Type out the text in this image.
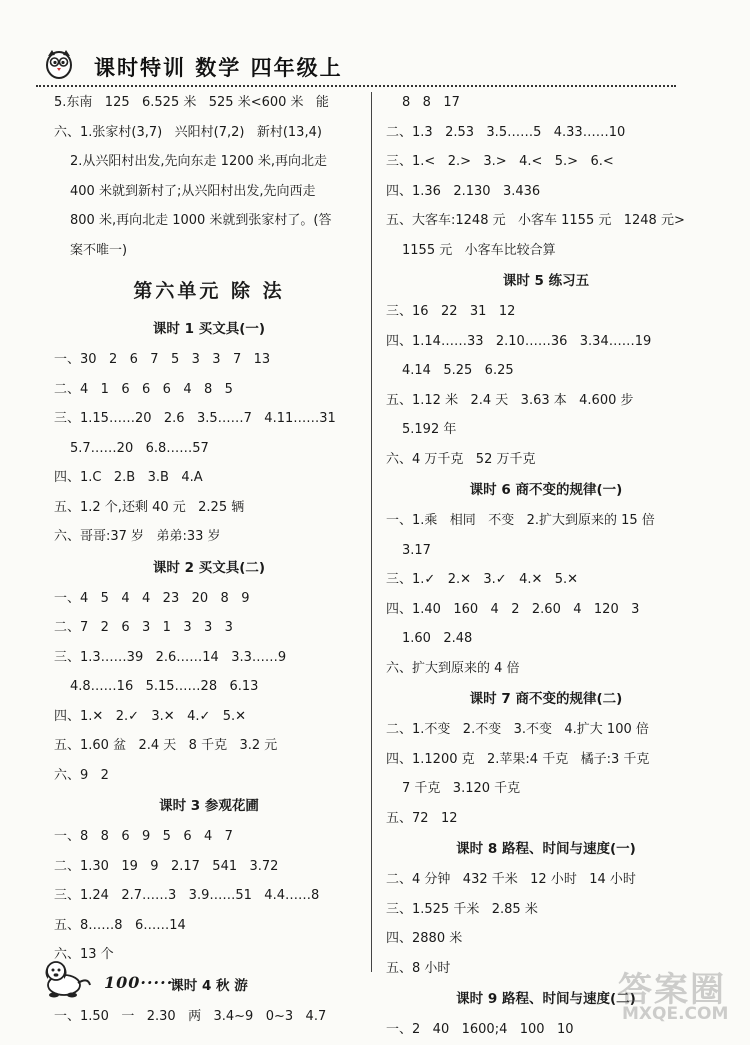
课时特训 数学 四年级上
5.东南   125   6.525 米   525 米<600 米   能
六、1.张家村(3,7)   兴阳村(7,2)   新村(13,4)
2.从兴阳村出发,先向东走 1200 米,再向北走
400 米就到新村了;从兴阳村出发,先向西走
800 米,再向北走 1000 米就到张家村了。(答
案不唯一)
第六单元 除 法
课时 1 买文具(一)
一、30   2   6   7   5   3   3   7   13
二、4   1   6   6   6   4   8   5
三、1.15……20   2.6   3.5……7   4.11……31
5.7……20   6.8……57
四、1.C   2.B   3.B   4.A
五、1.2 个,还剩 40 元   2.25 辆
六、哥哥:37 岁   弟弟:33 岁
课时 2 买文具(二)
一、4   5   4   4   23   20   8   9
二、7   2   6   3   1   3   3   3
三、1.3……39   2.6……14   3.3……9
4.8……16   5.15……28   6.13
四、1.✕   2.✓   3.✕   4.✓   5.✕
五、1.60 盆   2.4 天   8 千克   3.2 元
六、9   2
课时 3 参观花圃
一、8   8   6   9   5   6   4   7
二、1.30   19   9   2.17   541   3.72
三、1.24   2.7……3   3.9……51   4.4……8
五、8……8   6……14
六、13 个
课时 4 秋 游
一、1.50   一   2.30   两   3.4~9   0~3   4.7
8   8   17
二、1.3   2.53   3.5……5   4.33……10
三、1.<   2.>   3.>   4.<   5.>   6.<
四、1.36   2.130   3.436
五、大客车:1248 元   小客车 1155 元   1248 元>
1155 元   小客车比较合算
课时 5 练习五
三、16   22   31   12
四、1.14……33   2.10……36   3.34……19
4.14   5.25   6.25
五、1.12 米   2.4 天   3.63 本   4.600 步
5.192 年
六、4 万千克   52 万千克
课时 6 商不变的规律(一)
一、1.乘   相同   不变   2.扩大到原来的 15 倍
3.17
三、1.✓   2.✕   3.✓   4.✕   5.✕
四、1.40   160   4   2   2.60   4   120   3
1.60   2.48
六、扩大到原来的 4 倍
课时 7 商不变的规律(二)
二、1.不变   2.不变   3.不变   4.扩大 100 倍
四、1.1200 克   2.苹果:4 千克   橘子:3 千克
7 千克   3.120 千克
五、72   12
课时 8 路程、时间与速度(一)
二、4 分钟   432 千米   12 小时   14 小时
三、1.525 千米   2.85 米
四、2880 米
五、8 小时
课时 9 路程、时间与速度(二)
一、2   40   1600;4   100   10
100······	答案圈
MXQE.COM
